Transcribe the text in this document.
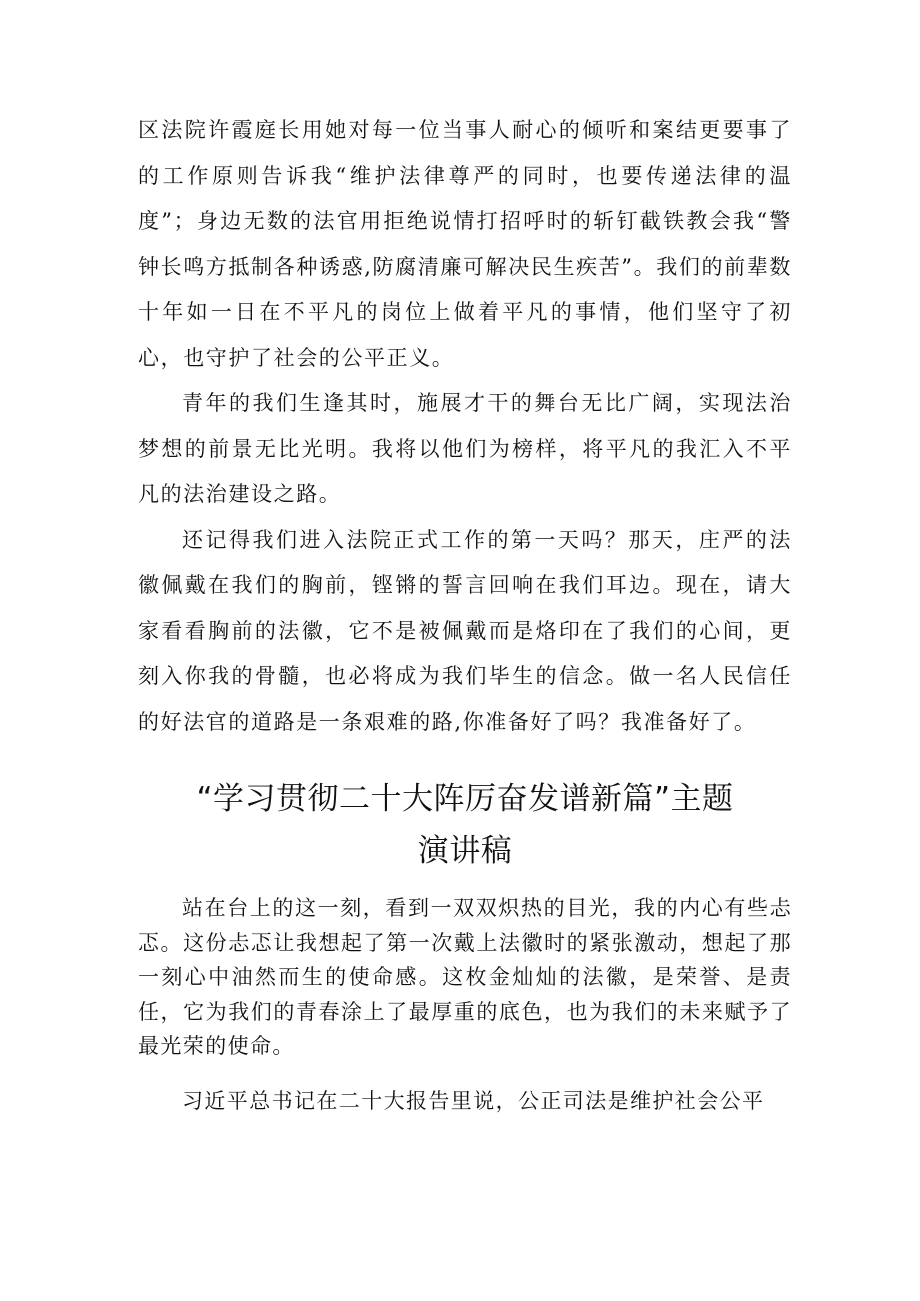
区法院许霞庭长用她对每一位当事人耐心的倾听和案结更要事了的工作原则告诉我“维护法律尊严的同时，也要传递法律的温度”；身边无数的法官用拒绝说情打招呼时的斩钉截铁教会我“警钟长鸣方抵制各种诱惑,防腐清廉可解决民生疾苦”。我们的前辈数十年如一日在不平凡的岗位上做着平凡的事情，他们坚守了初心，也守护了社会的公平正义。

青年的我们生逢其时，施展才干的舞台无比广阔，实现法治梦想的前景无比光明。我将以他们为榜样，将平凡的我汇入不平凡的法治建设之路。

还记得我们进入法院正式工作的第一天吗？那天，庄严的法徽佩戴在我们的胸前，铿锵的誓言回响在我们耳边。现在，请大家看看胸前的法徽，它不是被佩戴而是烙印在了我们的心间，更刻入你我的骨髓，也必将成为我们毕生的信念。做一名人民信任的好法官的道路是一条艰难的路,你准备好了吗？我准备好了。

“学习贯彻二十大阵厉奋发谱新篇”主题
演讲稿

站在台上的这一刻，看到一双双炽热的目光，我的内心有些忐忑。这份忐忑让我想起了第一次戴上法徽时的紧张激动，想起了那一刻心中油然而生的使命感。这枚金灿灿的法徽，是荣誉、是责任，它为我们的青春涂上了最厚重的底色，也为我们的未来赋予了最光荣的使命。

习近平总书记在二十大报告里说，公正司法是维护社会公平
